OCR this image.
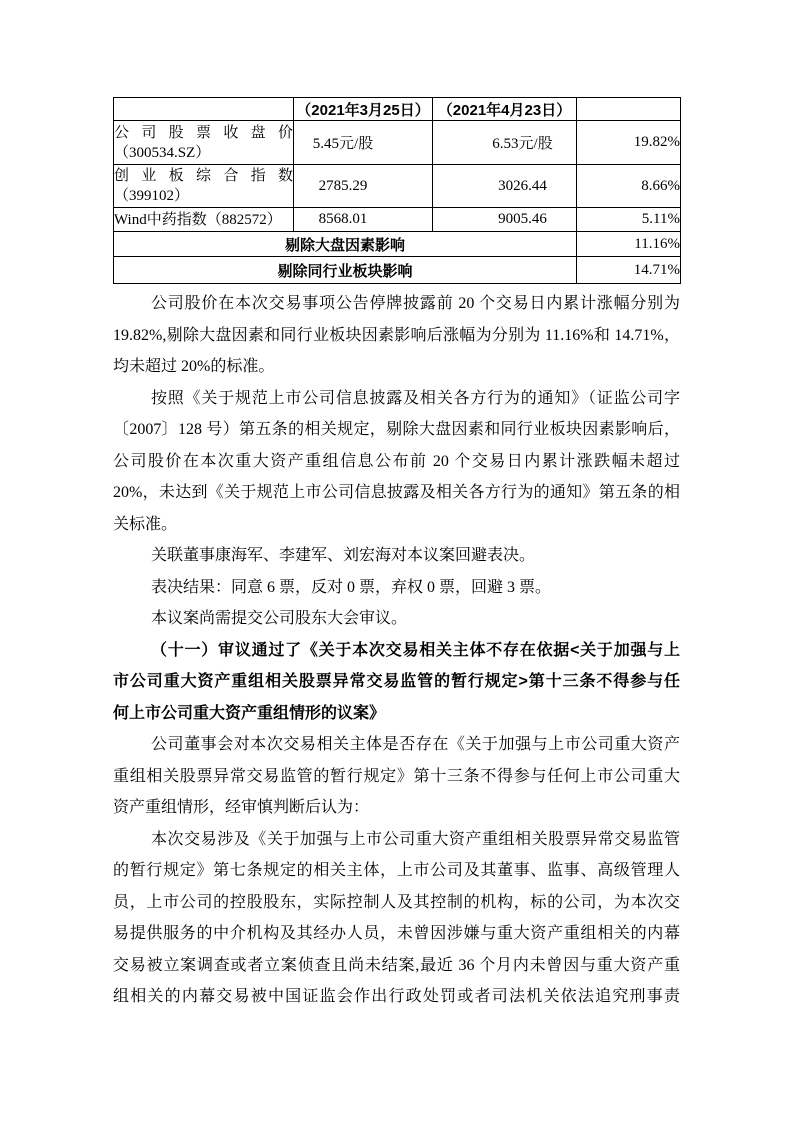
	（2021年3月25日）	（2021年4月23日）	

公司股票收盘价
（300534.SZ）	5.45元/股	6.53元/股	19.82%

创业板综合指数
（399102）	2785.29	3026.44	8.66%

Wind中药指数（882572）	8568.01	9005.46	5.11%
剔除大盘因素影响			11.16%
剔除同行业板块影响			14.71%
公司股价在本次交易事项公告停牌披露前 20 个交易日内累计涨幅分别为
19.82%,剔除大盘因素和同行业板块因素影响后涨幅为分别为 11.16%和 14.71%，
均未超过 20%的标准。
按照《关于规范上市公司信息披露及相关各方行为的通知》（证监公司字
〔2007〕128 号）第五条的相关规定，剔除大盘因素和同行业板块因素影响后，
公司股价在本次重大资产重组信息公布前 20 个交易日内累计涨跌幅未超过
20%，未达到《关于规范上市公司信息披露及相关各方行为的通知》第五条的相
关标准。
关联董事康海军、李建军、刘宏海对本议案回避表决。
表决结果：同意 6 票，反对 0 票，弃权 0 票，回避 3 票。
本议案尚需提交公司股东大会审议。
（十一）审议通过了《关于本次交易相关主体不存在依据<关于加强与上
市公司重大资产重组相关股票异常交易监管的暂行规定>第十三条不得参与任
何上市公司重大资产重组情形的议案》
公司董事会对本次交易相关主体是否存在《关于加强与上市公司重大资产
重组相关股票异常交易监管的暂行规定》第十三条不得参与任何上市公司重大
资产重组情形，经审慎判断后认为：
本次交易涉及《关于加强与上市公司重大资产重组相关股票异常交易监管
的暂行规定》第七条规定的相关主体，上市公司及其董事、监事、高级管理人
员，上市公司的控股股东，实际控制人及其控制的机构，标的公司，为本次交
易提供服务的中介机构及其经办人员，未曾因涉嫌与重大资产重组相关的内幕
交易被立案调查或者立案侦查且尚未结案,最近 36 个月内未曾因与重大资产重
组相关的内幕交易被中国证监会作出行政处罚或者司法机关依法追究刑事责
